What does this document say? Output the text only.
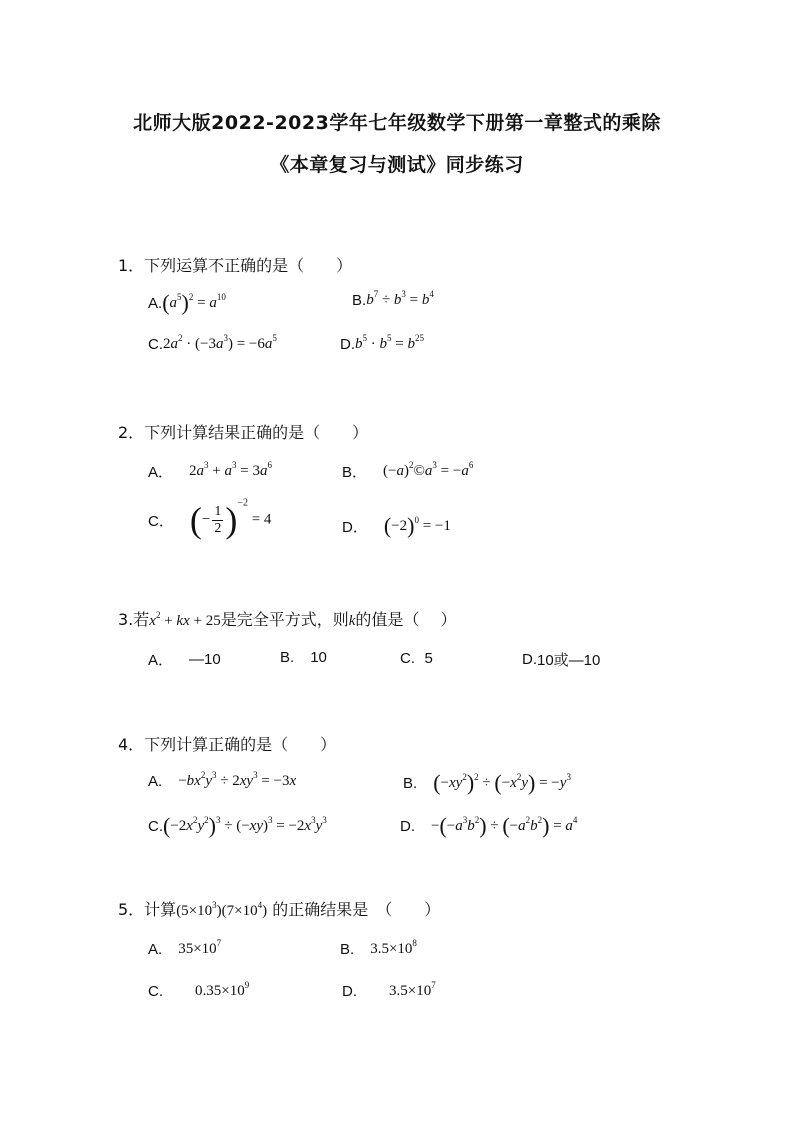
北师大版2022-2023学年七年级数学下册第一章整式的乘除
《本章复习与测试》同步练习
1．下列运算不正确的是（　　）
A. $(a^5)^2 = a^{10}$	B. $b^7 \div b^3 = b^4$
C. $2a^2 \cdot (-3a^3) = -6a^5$	D. $b^5 \cdot b^5 = b^{25}$
2．下列计算结果正确的是（　　）
A． $2a^3 + a^3 = 3a^6$	B． $(-a)^2©a^3 = -a^6$
C． (− $\frac{1}{2} )^{-2} = 4$	D． $(-2)^0 = -1$
3.若$x^2$ + kx + 25是完全平方式，则k的值是（　 ）
A． —10	B. 10	C.
5	D. 10或—10
4．下列计算正确的是（　　）
A. $-bx^2y^3 \div 2xy^3 = -3x$	B. $(-xy^2)^2 \div (-x^2y) = -y^3$
C. $(-2x^2y^2)^3 \div (-xy)^3 = -2x^3y^3$	D. $-(-a^3b^2) \div (-a^2b^2) = a^4$
5．计算$(5\times 10^3)(7\times 10^4)$ 的正确结果是　（　　）
A. $35\times 10^7$	B. $3.5\times 10^8$
C. $0.35\times 10^9$	D. $3.5\times 10^7$
